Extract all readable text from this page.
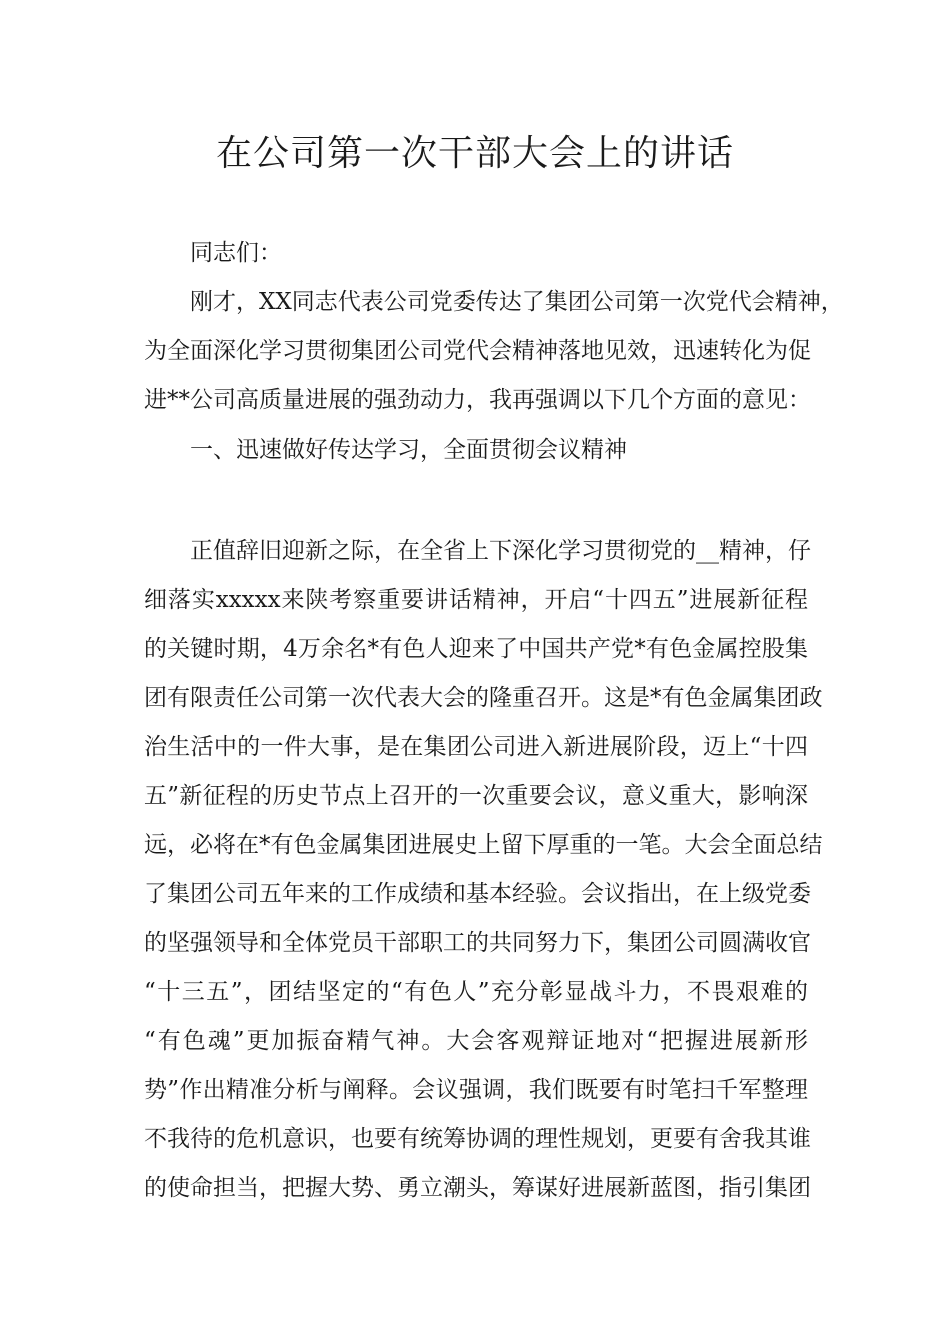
在公司第一次干部大会上的讲话

同志们：

刚才，XX同志代表公司党委传达了集团公司第一次党代会精神，
为全面深化学习贯彻集团公司党代会精神落地见效，迅速转化为促
进**公司高质量进展的强劲动力，我再强调以下几个方面的意见：

一、迅速做好传达学习，全面贯彻会议精神

正值辞旧迎新之际，在全省上下深化学习贯彻党的__精神，仔
细落实xxxxx来陕考察重要讲话精神，开启“十四五”进展新征程
的关键时期，4万余名*有色人迎来了中国共产党*有色金属控股集
团有限责任公司第一次代表大会的隆重召开。这是*有色金属集团政
治生活中的一件大事，是在集团公司进入新进展阶段，迈上“十四
五”新征程的历史节点上召开的一次重要会议，意义重大，影响深
远，必将在*有色金属集团进展史上留下厚重的一笔。大会全面总结
了集团公司五年来的工作成绩和基本经验。会议指出，在上级党委
的坚强领导和全体党员干部职工的共同努力下，集团公司圆满收官
“十三五”，团结坚定的“有色人”充分彰显战斗力，不畏艰难的
“有色魂”更加振奋精气神。大会客观辩证地对“把握进展新形
势”作出精准分析与阐释。会议强调，我们既要有时笔扫千军整理
不我待的危机意识，也要有统筹协调的理性规划，更要有舍我其谁
的使命担当，把握大势、勇立潮头，筹谋好进展新蓝图，指引集团
